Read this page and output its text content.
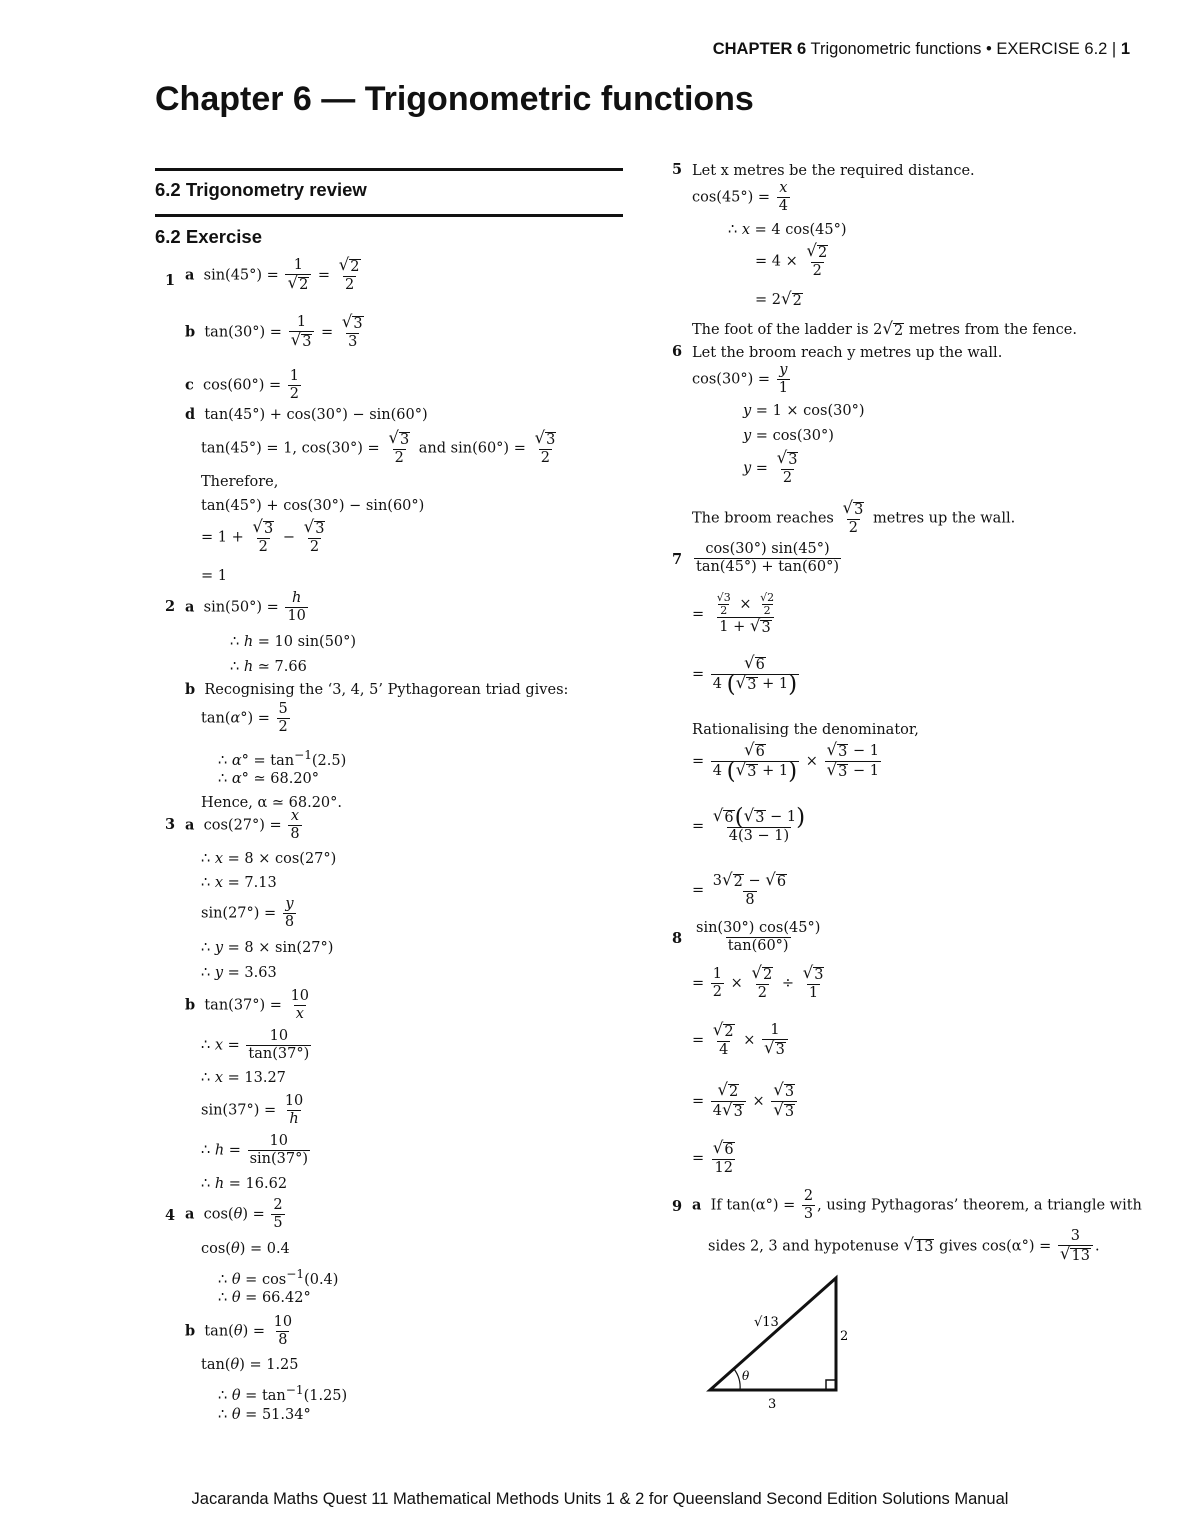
CHAPTER 6 Trigonometric functions • EXERCISE 6.2 | 1
Chapter 6 — Trigonometric functions
6.2 Trigonometry review
6.2 Exercise
1 a  $\sin(45^\circ) = \frac{1}{√ 2} = \frac{√ 2}{2}$
b  $\tan(30^\circ) = \frac{1}{√ 3} = \frac{√ 3}{3}$
c  $\cos(60^\circ) = \frac{1}{2}$
d  tan(45°) + cos(30°) − sin(60°)
tan(45°) = 1, $\cos(30^\circ) = \frac{√ 3}{2}$ and $\sin(60^\circ) = \frac{√ 3}{2}$
Therefore,
tan(45°) + cos(30°) − sin(60°)
= $1 + \frac{√ 3}{2} - \frac{√ 3}{2}$
= 1
2 a  $\sin(50^\circ) = \frac{h}{10}$
∴ h = 10 sin(50°)
∴ h ≃ 7.66
b Recognising the ‘3, 4, 5’ Pythagorean triad gives:
$\tan(\alpha^\circ) = \frac{5}{2}$
∴ $\alpha^\circ = \tan^{-1}(2.5)$
∴ α° ≃ 68.20°
Hence, α ≃ 68.20°.
3 a  $\cos(27^\circ) = \frac{x}{8}$
∴ x = 8 × cos(27°)
∴ x = 7.13
$\sin(27^\circ) = \frac{y}{8}$
∴ y = 8 × sin(27°)
∴ y = 3.63
b  $\tan(37^\circ) = \frac{10}{x}$
∴ $x = \frac{10}{\tan(37^\circ)}$
∴ x = 13.27
$\sin(37^\circ) = \frac{10}{h}$
∴ $h = \frac{10}{\sin(37^\circ)}$
∴ h = 16.62
4 a  $\cos(\theta) = \frac{2}{5}$
cos(θ) = 0.4
∴ $\theta = \cos^{-1}(0.4)$
∴ θ = 66.42°
b  $\tan(\theta) = \frac{10}{8}$
tan(θ) = 1.25
∴ $\theta = \tan^{-1}(1.25)$
∴ θ = 51.34°
5 Let x metres be the required distance.
$\cos(45^\circ) = \frac{x}{4}$
∴ x = 4 cos(45°)
= $4 \times \frac{√ 2}{2}$
= 2 √ 2
The foot of the ladder is 2 √ 2 metres from the fence.
6 Let the broom reach y metres up the wall.
$\cos(30^\circ) = \frac{y}{1}$
y = 1 × cos(30°)
y = cos(30°)
$y = \frac{√ 3}{2}$
The broom reaches $\frac{√ 3}{2}$ metres up the wall.
$7 \frac{\cos(30^\circ) \sin(45^\circ)}{\tan(45^\circ) + \tan(60^\circ)}$
= $\frac{\frac{√3}{2} \times \frac{√2}{2}}{1 + √ 3}$
= $\frac{√ 6}{4 ( √ 3 + 1)}$
Rationalising the denominator,
= $\frac{√ 6}{4 ( √ 3 + 1)} \times \frac{√ 3 - 1}{√ 3 - 1}$
= $\frac{√ 6 ( √ 3 - 1)}{4(3 - 1)}$
= $\frac{3 √ 2 - √ 6}{8}$
$8 \frac{\sin(30^\circ) \cos(45^\circ)}{\tan(60^\circ)}$
= $\frac{1}{2} \times \frac{√ 2}{2} \div \frac{√ 3}{1}$
= $\frac{√ 2}{4} \times \frac{1}{√ 3}$
= $\frac{√ 2}{4 √ 3} \times \frac{√ 3}{√ 3}$
= $\frac{√ 6}{12}$
9 a If $\tan(\alpha^\circ) = \frac{2}{3}$ , using Pythagoras’ theorem, a triangle with
sides 2, 3 and hypotenuse √ 13 gives $\cos(\alpha^\circ) = \frac{3}{√ 13}$ .
√13
2
3
θ
Jacaranda Maths Quest 11 Mathematical Methods Units 1 & 2 for Queensland Second Edition Solutions Manual
